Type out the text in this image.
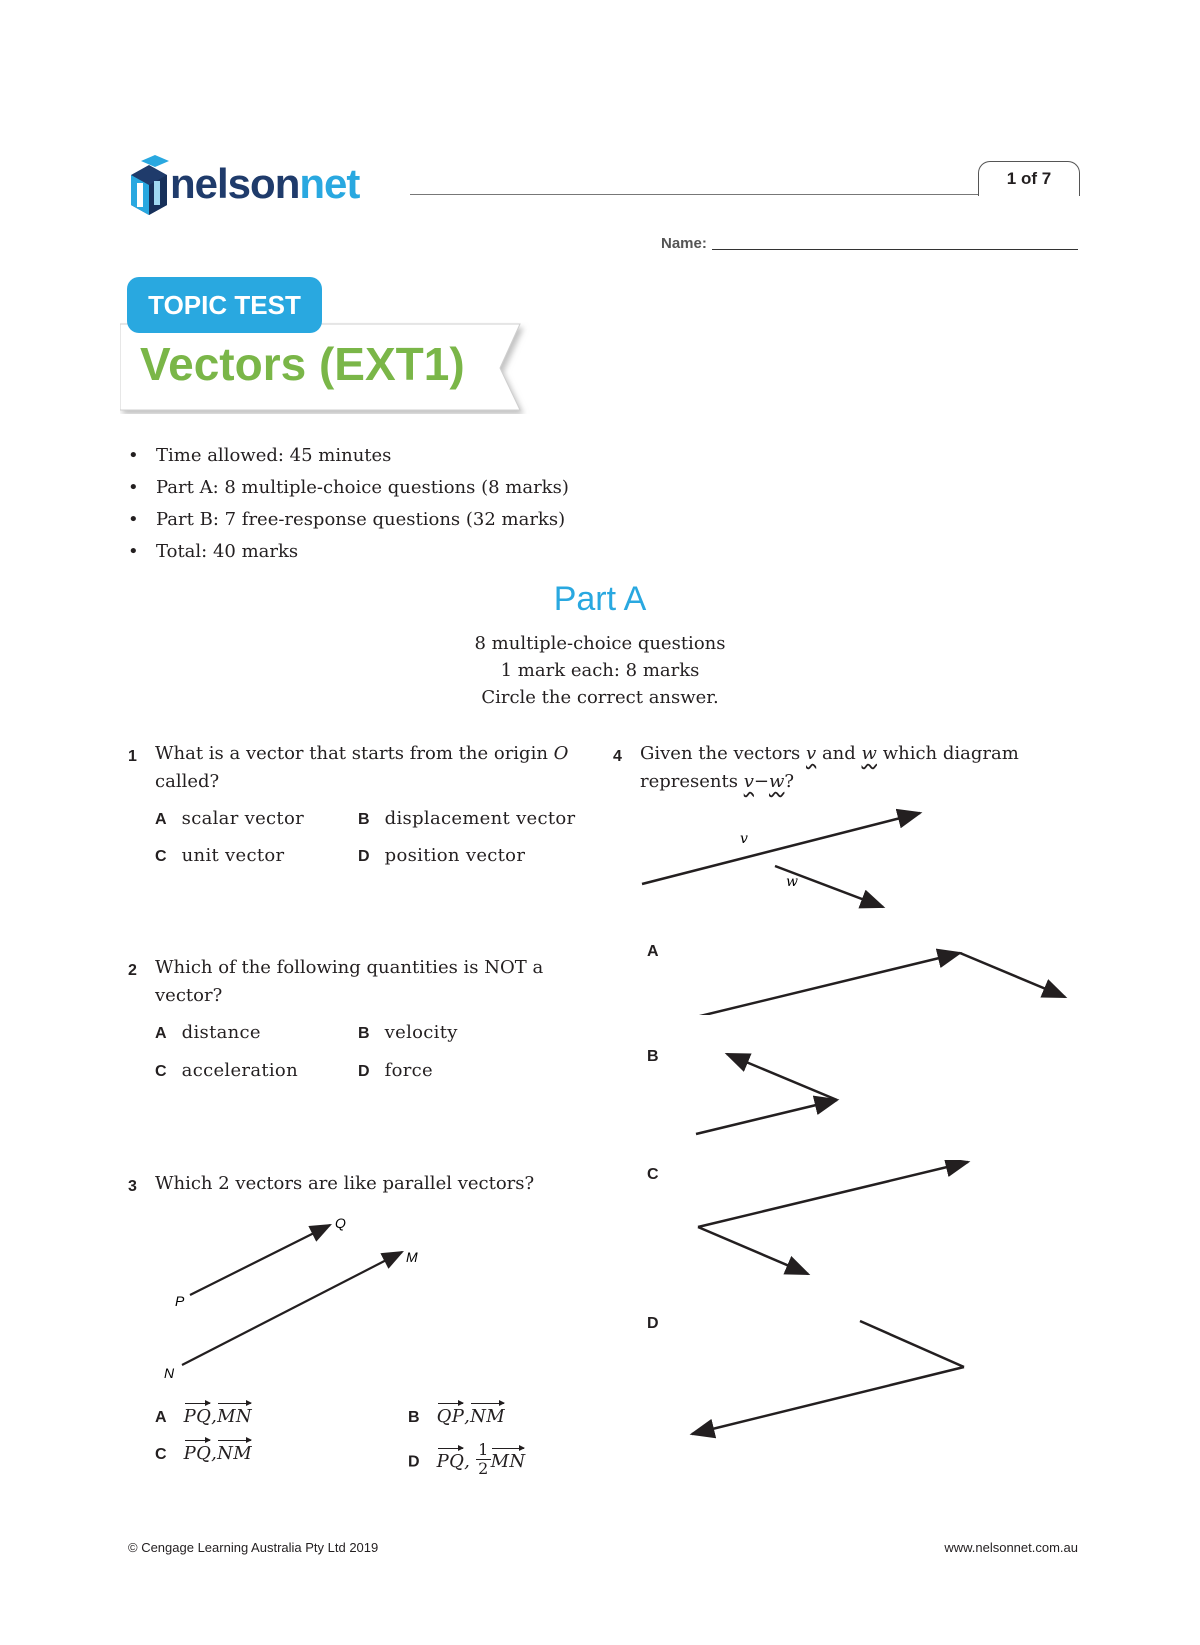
nelsonnet	1 of 7
Name:
TOPIC TEST
Vectors (EXT1)
• Time allowed: 45 minutes
• Part A: 8 multiple-choice questions (8 marks)
• Part B: 7 free-response questions (32 marks)
• Total: 40 marks
Part A
8 multiple-choice questions
1 mark each: 8 marks
Circle the correct answer.
1 What is a vector that starts from the origin O
called?
A scalar vector	B displacement vector
C unit vector	D position vector
2 Which of the following quantities is NOT a
vector?
A distance	B velocity
C acceleration	D force
3 Which 2 vectors are like parallel vectors?
P
Q
N
M
A PQ,MN	B QP,NM
C PQ,NM	D PQ, $\frac{1}{2}$ MN
4 Given the vectors v and w which diagram
represents v−w?
v
w
A
B
C
D
© Cengage Learning Australia Pty Ltd 2019	www.nelsonnet.com.au
